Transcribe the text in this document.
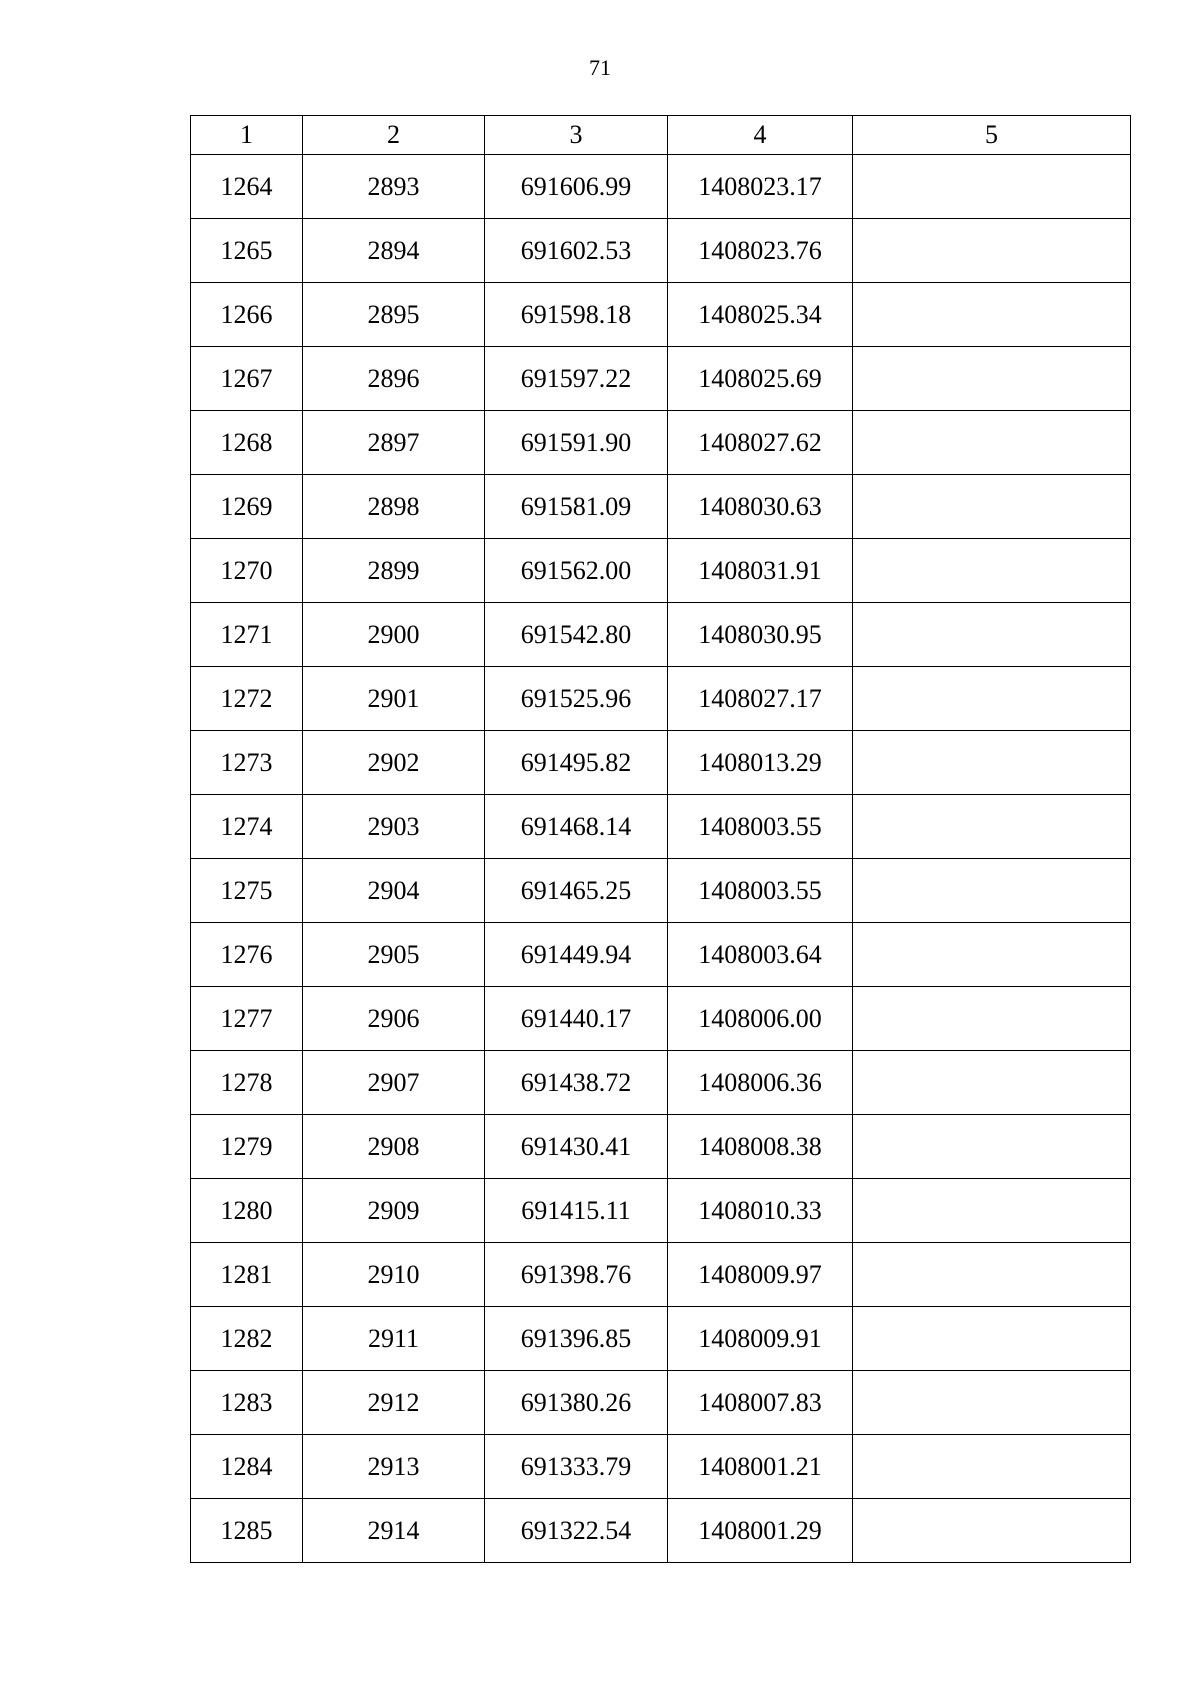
71
1	2	3	4	5
1264	2893	691606.99	1408023.17	
1265	2894	691602.53	1408023.76	
1266	2895	691598.18	1408025.34	
1267	2896	691597.22	1408025.69	
1268	2897	691591.90	1408027.62	
1269	2898	691581.09	1408030.63	
1270	2899	691562.00	1408031.91	
1271	2900	691542.80	1408030.95	
1272	2901	691525.96	1408027.17	
1273	2902	691495.82	1408013.29	
1274	2903	691468.14	1408003.55	
1275	2904	691465.25	1408003.55	
1276	2905	691449.94	1408003.64	
1277	2906	691440.17	1408006.00	
1278	2907	691438.72	1408006.36	
1279	2908	691430.41	1408008.38	
1280	2909	691415.11	1408010.33	
1281	2910	691398.76	1408009.97	
1282	2911	691396.85	1408009.91	
1283	2912	691380.26	1408007.83	
1284	2913	691333.79	1408001.21	
1285	2914	691322.54	1408001.29	
